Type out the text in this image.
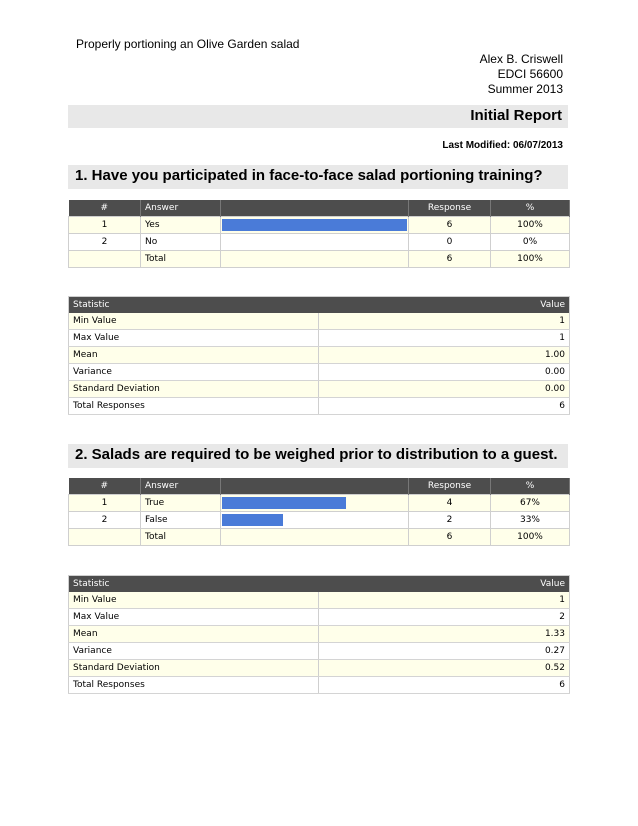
Properly portioning an Olive Garden salad
Alex B. Criswell
EDCI 56600
Summer 2013
Initial Report
Last Modified: 06/07/2013
1. Have you participated in face-to-face salad portioning training?
#	Answer		Response	%
1	Yes		6	100%
2	No		0	0%
	Total		6	100%
Statistic	Value
Min Value	1
Max Value	1
Mean	1.00
Variance	0.00
Standard Deviation	0.00
Total Responses	6
2. Salads are required to be weighed prior to distribution to a guest.
#	Answer		Response	%
1	True		4	67%
2	False		2	33%
	Total		6	100%
Statistic	Value
Min Value	1
Max Value	2
Mean	1.33
Variance	0.27
Standard Deviation	0.52
Total Responses	6
